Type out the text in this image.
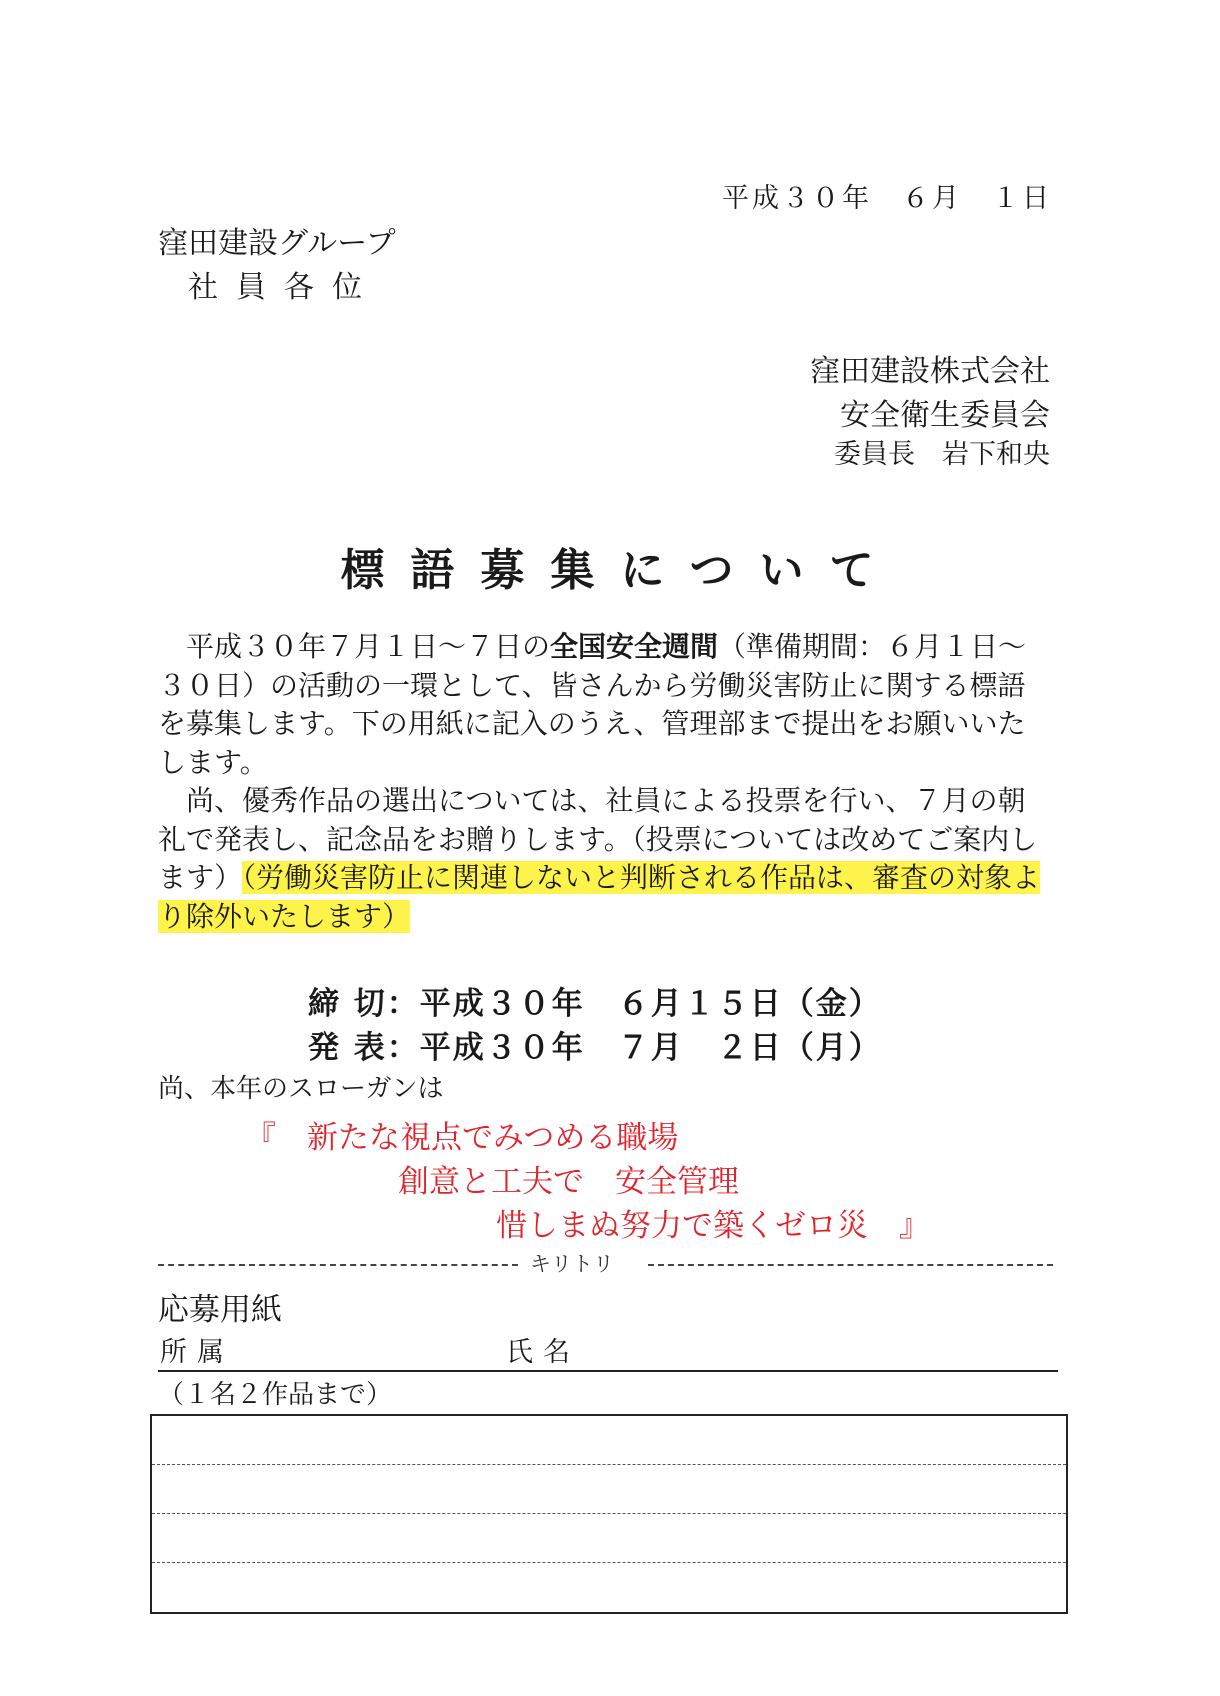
平成３０年　６月　１日
窪田建設グループ
社員各位
窪田建設株式会社
安全衛生委員会
委員長　岩下和央
標語募集について

平成３０年７月１日～７日の全国安全週間（準備期間：６月１日～３０日）の活動の一環として、皆さんから労働災害防止に関する標語を募集します。下の用紙に記入のうえ、管理部まで提出をお願いいたします。

尚、優秀作品の選出については、社員による投票を行い、７月の朝礼で発表し、記念品をお贈りします。（投票については改めてご案内します）（労働災害防止に関連しないと判断される作品は、審査の対象より除外いたします）

締 切：平成３０年　６月１５日（金）
発 表：平成３０年　７月　２日（月）
尚、本年のスローガンは
『　新たな視点でみつめる職場
創意と工夫で　安全管理
惜しまぬ努力で築くゼロ災　』
キリトリ
応募用紙
所属	氏名
（１名２作品まで）
